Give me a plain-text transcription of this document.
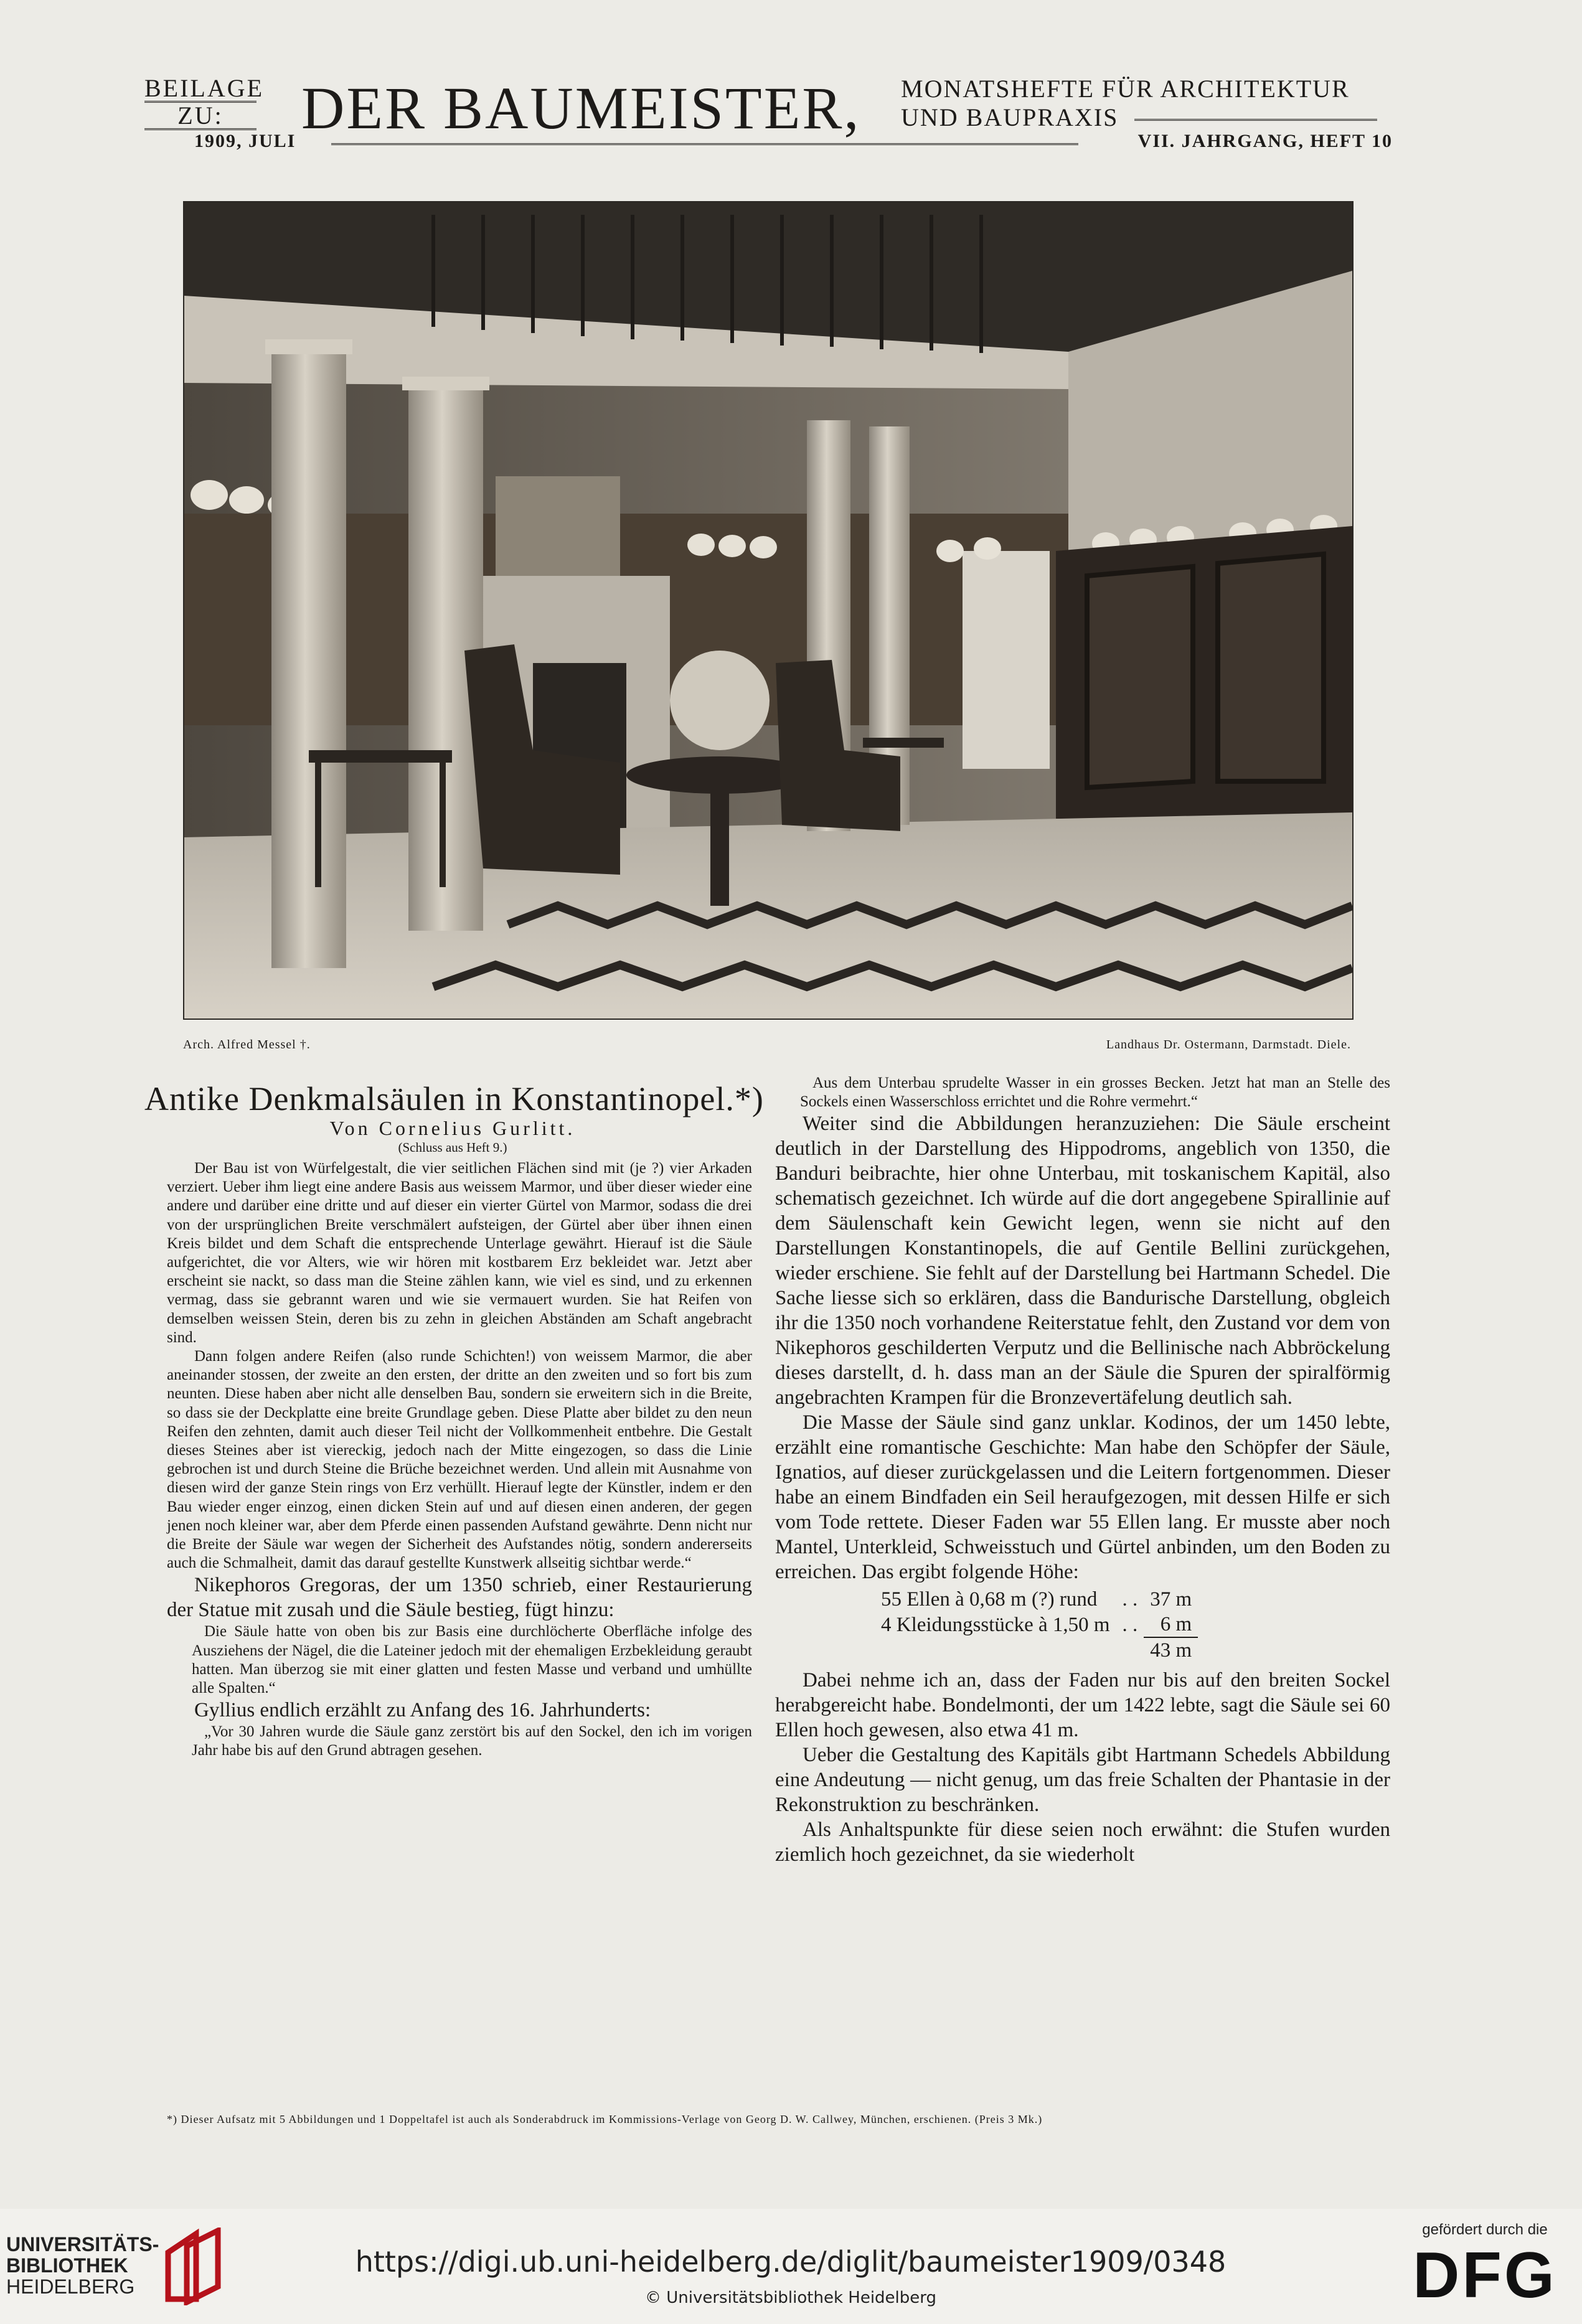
BEILAGE
ZU:	DER BAUMEISTER, MONATSHEFTE FÜR ARCHITEKTUR
UND BAUPRAXIS
1909, JULI	VII. JAHRGANG, HEFT 10
Arch. Alfred Messel †.	Landhaus Dr. Ostermann, Darmstadt. Diele.
Antike Denkmalsäulen in Konstantinopel.*)
Von Cornelius Gurlitt.
(Schluss aus Heft 9.)

Der Bau ist von Würfelgestalt, die vier seitlichen Flächen sind mit (je ?) vier Arkaden verziert. Ueber ihm liegt eine andere Basis aus weissem Marmor, und über dieser wieder eine andere und darüber eine dritte und auf dieser ein vierter Gürtel von Marmor, sodass die drei von der ursprünglichen Breite verschmälert aufsteigen, der Gürtel aber über ihnen einen Kreis bildet und dem Schaft die entsprechende Unterlage gewährt. Hierauf ist die Säule aufgerichtet, die vor Alters, wie wir hören mit kostbarem Erz bekleidet war. Jetzt aber erscheint sie nackt, so dass man die Steine zählen kann, wie viel es sind, und zu erkennen vermag, dass sie gebrannt waren und wie sie vermauert wurden. Sie hat Reifen von demselben weissen Stein, deren bis zu zehn in gleichen Abständen am Schaft angebracht sind.

Dann folgen andere Reifen (also runde Schichten!) von weissem Marmor, die aber aneinander stossen, der zweite an den ersten, der dritte an den zweiten und so fort bis zum neunten. Diese haben aber nicht alle denselben Bau, sondern sie erweitern sich in die Breite, so dass sie der Deckplatte eine breite Grundlage geben. Diese Platte aber bildet zu den neun Reifen den zehnten, damit auch dieser Teil nicht der Vollkommenheit entbehre. Die Gestalt dieses Steines aber ist viereckig, jedoch nach der Mitte eingezogen, so dass die Linie gebrochen ist und durch Steine die Brüche bezeichnet werden. Und allein mit Ausnahme von diesen wird der ganze Stein rings von Erz verhüllt. Hierauf legte der Künstler, indem er den Bau wieder enger einzog, einen dicken Stein auf und auf diesen einen anderen, der gegen jenen noch kleiner war, aber dem Pferde einen passenden Aufstand gewährte. Denn nicht nur die Breite der Säule war wegen der Sicherheit des Aufstandes nötig, sondern andererseits auch die Schmalheit, damit das darauf gestellte Kunstwerk allseitig sichtbar werde.“

Nikephoros Gregoras, der um 1350 schrieb, einer Restaurierung der Statue mit zusah und die Säule bestieg, fügt hinzu:

Die Säule hatte von oben bis zur Basis eine durchlöcherte Oberfläche infolge des Ausziehens der Nägel, die die Lateiner jedoch mit der ehemaligen Erzbekleidung geraubt hatten. Man überzog sie mit einer glatten und festen Masse und verband und umhüllte alle Spalten.“

Gyllius endlich erzählt zu Anfang des 16. Jahrhunderts:

„Vor 30 Jahren wurde die Säule ganz zerstört bis auf den Sockel, den ich im vorigen Jahr habe bis auf den Grund abtragen gesehen.

Aus dem Unterbau sprudelte Wasser in ein grosses Becken. Jetzt hat man an Stelle des Sockels einen Wasserschloss errichtet und die Rohre vermehrt.“

Weiter sind die Abbildungen heranzuziehen: Die Säule erscheint deutlich in der Darstellung des Hippodroms, angeblich von 1350, die Banduri beibrachte, hier ohne Unterbau, mit toskanischem Kapitäl, also schematisch gezeichnet. Ich würde auf die dort angegebene Spirallinie auf dem Säulenschaft kein Gewicht legen, wenn sie nicht auf den Darstellungen Konstantinopels, die auf Gentile Bellini zurückgehen, wieder erschiene. Sie fehlt auf der Darstellung bei Hartmann Schedel. Die Sache liesse sich so erklären, dass die Bandurische Darstellung, obgleich ihr die 1350 noch vorhandene Reiterstatue fehlt, den Zustand vor dem von Nikephoros geschilderten Verputz und die Bellinische nach Abbröckelung dieses darstellt, d. h. dass man an der Säule die Spuren der spiralförmig angebrachten Krampen für die Bronzevertäfelung deutlich sah.

Die Masse der Säule sind ganz unklar. Kodinos, der um 1450 lebte, erzählt eine romantische Geschichte: Man habe den Schöpfer der Säule, Ignatios, auf dieser zurückgelassen und die Leitern fortgenommen. Dieser habe an einem Bindfaden ein Seil heraufgezogen, mit dessen Hilfe er sich vom Tode rettete. Dieser Faden war 55 Ellen lang. Er musste aber noch Mantel, Unterkleid, Schweisstuch und Gürtel anbinden, um den Boden zu erreichen. Das ergibt folgende Höhe:

55 Ellen à 0,68 m (?) rund	. .	37 m
4 Kleidungsstücke à 1,50 m	. .	6 m
		43 m

Dabei nehme ich an, dass der Faden nur bis auf den breiten Sockel herabgereicht habe. Bondelmonti, der um 1422 lebte, sagt die Säule sei 60 Ellen hoch gewesen, also etwa 41 m.

Ueber die Gestaltung des Kapitäls gibt Hartmann Schedels Abbildung eine Andeutung — nicht genug, um das freie Schalten der Phantasie in der Rekonstruktion zu beschränken.

Als Anhaltspunkte für diese seien noch erwähnt: die Stufen wurden ziemlich hoch gezeichnet, da sie wiederholt

*) Dieser Aufsatz mit 5 Abbildungen und 1 Doppeltafel ist auch als Sonderabdruck im Kommissions-Verlage von Georg D. W. Callwey, München, erschienen. (Preis 3 Mk.)
UNIVERSITÄTS-
BIBLIOTHEK
HEIDELBERG
https://digi.ub.uni-heidelberg.de/diglit/baumeister1909/0348
© Universitätsbibliothek Heidelberg
gefördert durch die
DFG
